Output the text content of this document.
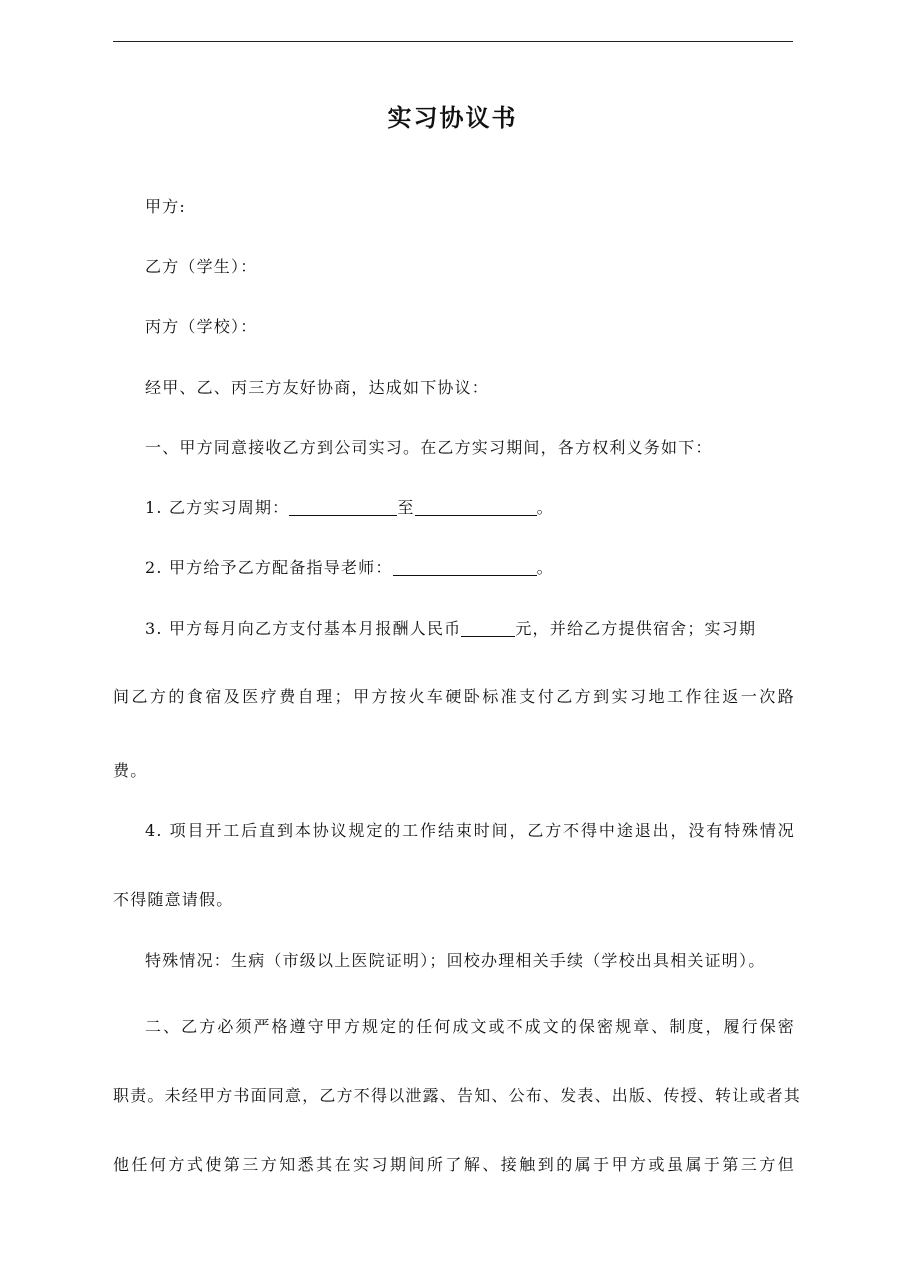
实习协议书
甲方:
乙方（学生）：
丙方（学校）：
经甲、乙、丙三方友好协商，达成如下协议：
一、甲方同意接收乙方到公司实习。在乙方实习期间，各方权利义务如下：
1. 乙方实习周期：	至	。
2. 甲方给予乙方配备指导老师：	。
3. 甲方每月向乙方支付基本月报酬人民币	元，并给乙方提供宿舍；实习期
间乙方的食宿及医疗费自理；甲方按火车硬卧标准支付乙方到实习地工作往返一次路
费。
4. 项目开工后直到本协议规定的工作结束时间，乙方不得中途退出，没有特殊情况
不得随意请假。
特殊情况：生病（市级以上医院证明）；回校办理相关手续（学校出具相关证明）。
二、乙方必须严格遵守甲方规定的任何成文或不成文的保密规章、制度，履行保密
职责。未经甲方书面同意，乙方不得以泄露、告知、公布、发表、出版、传授、转让或者其
他任何方式使第三方知悉其在实习期间所了解、接触到的属于甲方或虽属于第三方但
